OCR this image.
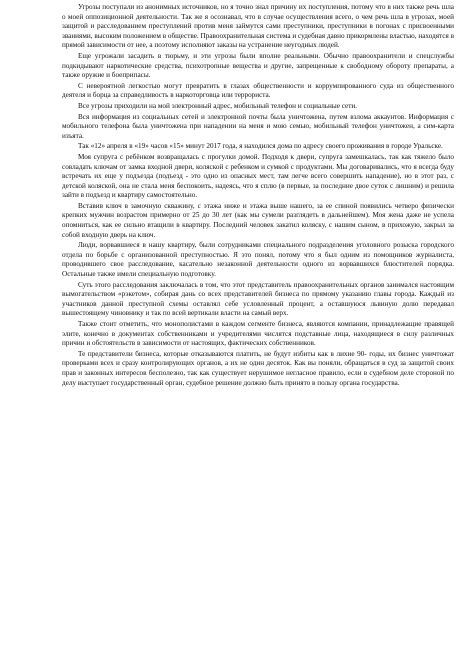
Угрозы поступали из анонимных источников, но я точно знал причину их поступления, потому что в них также речь шла о моей оппозиционной деятельности. Так же я осознавал, что в случае осуществления всего, о чем речь шла в угрозах, моей защитой и расследованием преступлений против меня займутся сами преступники, преступники в погонах с присвоенными званиями, высоким положением в обществе. Правоохранительная система и судебная давно прикормлены властью, находятся в прямой зависимости от нее, а поэтому исполняют заказы на устранение неугодных людей.

Еще угрожали засадить в тюрьму, и эти угрозы были вполне реальными. Обычно правоохранители и спецслужбы подкидывают наркотические средства, психотропные вещества и другие, запрещенные к свободному обороту препараты, а также оружие и боеприпасы.

С невероятной легкостью могут превратить в глазах общественности и коррумпированного суда из общественного деятеля и борца за справедливость в наркоторговца или террориста.

Все угрозы приходили на мой электронный адрес, мобильный телефон и социальные сети.

Вся информация из социальных сетей и электронной почты была уничтожена, путем взлома аккаунтов. Информация с мобильного телефона была уничтожена при нападении на меня и мою семью, мобильный телефон уничтожен, а сим-карта изъята.

Так «12» апреля в «19» часов «15» минут 2017 года, я находился дома по адресу своего проживания в городе Уральске.

Моя супруга с ребёнком возвращалась с прогулки домой. Подходя к двери, супруга замешкалась, так как тяжело было совладать ключам от замка входной двери, коляской с ребенком и сумкой с продуктами. Мы договаривались, что я всегда буду встречать их еще у подъезда (подъезд - это одно из опасных мест, там легче всего совершить нападение), но в этот раз, с детской коляской, она не стала меня беспокоить, надеясь, что я сплю (в первые, за последние двое суток с лишним) и решила зайти в подъезд и квартиру самостоятельно.

Вставив ключ в замочную скважину, с этажа ниже и этажа выше нашего, за ее спиной появились четверо физически крепких мужчин возрастом примерно от 25 до 30 лет (как мы сумели разглядеть в дальнейшем). Моя жена даже не успела опомниться, как ее сильно втащили в квартиру. Последний человек закатил коляску, с нашим сыном, в прихожую, закрыл за собой входную дверь на ключ.

Люди, ворвавшиеся в нашу квартиру, были сотрудниками специального подразделения уголовного розыска городского отдела по борьбе с организованной преступностью. Я это понял, потому что я был одним из помощников журналиста, проводившего свое расследование, касательно незаконной деятельности одного из ворвавшихся блюстителей порядка. Остальные также имели специальную подготовку.

Суть этого расследования заключалась в том, что этот представитель правоохранительных органов занимался настоящим вымогательством «рэкетом», собирая дань со всех представителей бизнеса по прямому указанию главы города. Каждый из участников данной преступной схемы оставлял себе условленный процент, а оставшуюся львиную долю передавал вышестоящему чиновнику и так по всей вертикали власти на самый верх.

Также стоит отметить, что монополистами в каждом сегменте бизнеса, являются компании, принадлежащие правящей элите, конечно в документах собственниками и учредителями числятся подставные лица, находящиеся в силу различных причин и обстоятельств в зависимости от настоящих, фактических собственников.

Те представители бизнеса, которые отказываются платить, не будут избиты как в лихие 90- годы, их бизнес уничтожат проверками всех и сразу контролирующих органов, а их не один десяток. Как вы поняли, обращаться в суд за защитой своих прав и законных интересов бесполезно, так как существует нерушимое негласное правило, если в судебном деле стороной по делу выступает государственный орган, судебное решение должно быть принято в пользу органа государства.
